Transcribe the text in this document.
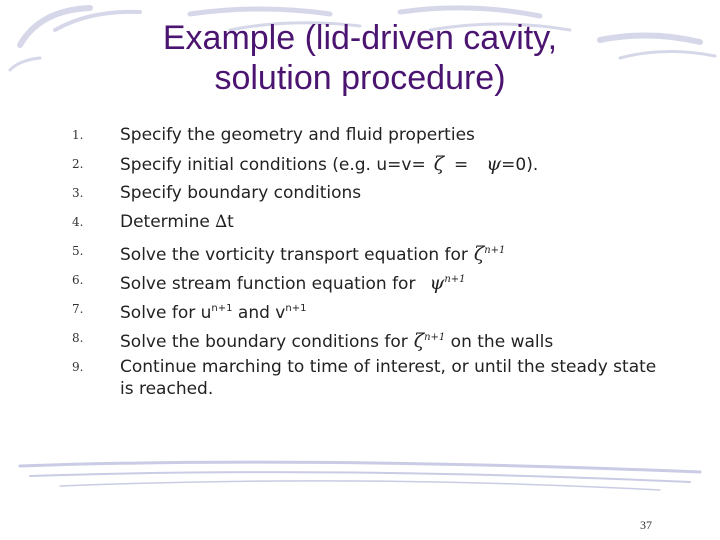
Example (lid-driven cavity,
solution procedure)
1. Specify the geometry and fluid properties
2. Specify initial conditions (e.g. u=v= ζ = ψ=0).
3. Specify boundary conditions
4. Determine ∆t
5. Solve the vorticity transport equation for $\zeta^{n+1}$
6. Solve stream function equation for $\psi^{n+1}$
7. Solve for $u^{n+1}$ and $v^{n+1}$
8. Solve the boundary conditions for $\zeta^{n+1}$ on the walls
9. Continue marching to time of interest, or until the steady state
is reached.
37
